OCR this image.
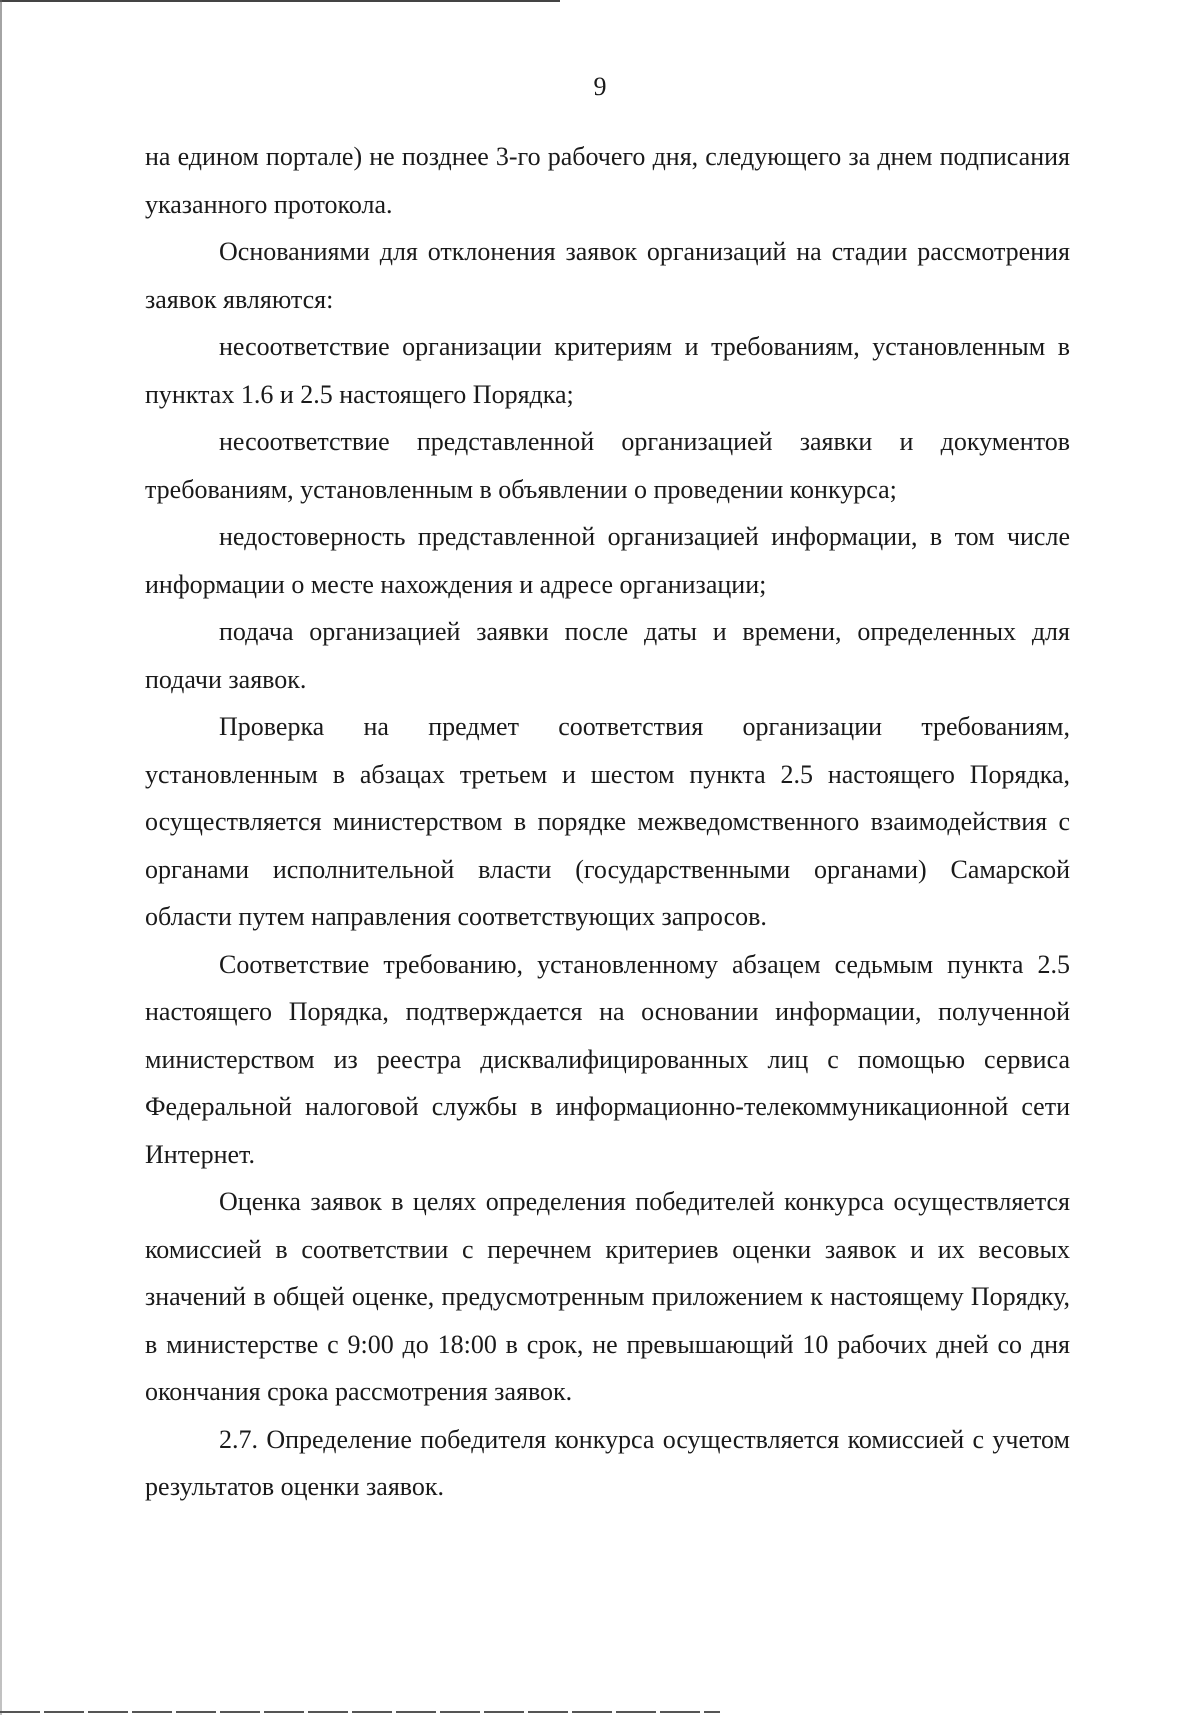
9

на едином портале) не позднее 3-го рабочего дня, следующего за днем подписания указанного протокола.

Основаниями для отклонения заявок организаций на стадии рассмотрения заявок являются:

несоответствие организации критериям и требованиям, установленным в пунктах 1.6 и 2.5 настоящего Порядка;

несоответствие представленной организацией заявки и документов требованиям, установленным в объявлении о проведении конкурса;

недостоверность представленной организацией информации, в том числе информации о месте нахождения и адресе организации;

подача организацией заявки после даты и времени, определенных для подачи заявок.

Проверка на предмет соответствия организации требованиям, установленным в абзацах третьем и шестом пункта 2.5 настоящего Порядка, осуществляется министерством в порядке межведомственного взаимодействия с органами исполнительной власти (государственными органами) Самарской области путем направления соответствующих запросов.

Соответствие требованию, установленному абзацем седьмым пункта 2.5 настоящего Порядка, подтверждается на основании информации, полученной министерством из реестра дисквалифицированных лиц с помощью сервиса Федеральной налоговой службы в информационно-телекоммуникационной сети Интернет.

Оценка заявок в целях определения победителей конкурса осуществляется комиссией в соответствии с перечнем критериев оценки заявок и их весовых значений в общей оценке, предусмотренным приложением к настоящему Порядку, в министерстве с 9:00 до 18:00 в срок, не превышающий 10 рабочих дней со дня окончания срока рассмотрения заявок.

2.7. Определение победителя конкурса осуществляется комиссией с учетом результатов оценки заявок.
